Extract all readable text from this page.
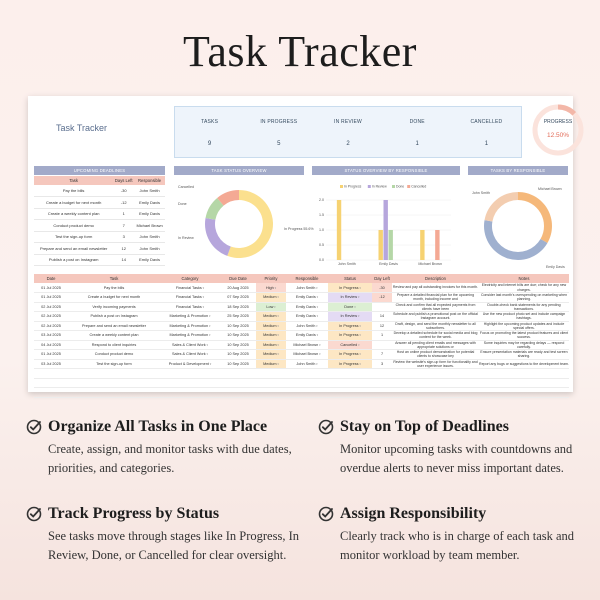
Task Tracker
Task Tracker
TASKS
9
IN PROGRESS
5
IN REVIEW
2
DONE
1
CANCELLED
1
PROGRESS
12.50%
UPCOMING DEADLINES	TASK STATUS OVERVIEW	STATUS OVERVIEW BY RESPONSIBLE	TASKS BY RESPONSIBLE
Task	Days Left	Responsible
Pay the bills	-30	John Smith
Create a budget for next month	-12	Emily Davis
Create a weekly content plan	1	Emily Davis
Conduct product demo	7	Michael Brown
Test the sign-up form	3	John Smith
Prepare and send an email newsletter	12	John Smith
Publish a post on Instagram	14	Emily Davis
In Progress 55.6%
In Review
Done
Cancelled
2.0
1.5
1.0
0.5
0.0
In Progress	In Review	Done Cancelled
John Smith	Emily Davis	Michael Brown
John Smith
Emily Davis
Michael Brown
Date	Task	Category	Due Date	Priority	Responsible	Status	Day Left	Description	Notes
01 Jul 2025	Pay the bills	Financial Tasks ▾	20 Aug 2025	High ▾	John Smith ▾	In Progress ▾	-30	Review and pay all outstanding invoices for this month.	Electricity and internet bills are due; check for any new charges.
01 Jul 2025	Create a budget for next month	Financial Tasks ▾	07 Sep 2025	Medium ▾	Emily Davis ▾	In Review ▾	-12	Prepare a detailed financial plan for the upcoming month, including income and	Consider last month's overspending on marketing when planning.
02 Jul 2025	Verify incoming payments	Financial Tasks ▾	18 Sep 2025	Low ▾	Emily Davis ▾	Done ▾		Check and confirm that all expected payments from clients have been	Double-check bank statements for any pending transactions.
02 Jul 2025	Publish a post on Instagram	Marketing & Promotion ▾	25 Sep 2025	Medium ▾	Emily Davis ▾	In Review ▾	14	Schedule and publish a promotional post on the official Instagram account.	Use the new product photo set and include campaign hashtags.
02 Jul 2025	Prepare and send an email newsletter	Marketing & Promotion ▾	10 Sep 2025	Medium ▾	John Smith ▾	In Progress ▾	12	Draft, design, and send the monthly newsletter to all subscribers.	Highlight the upcoming product updates and include special offers.
03 Jul 2025	Create a weekly content plan	Marketing & Promotion ▾	10 Sep 2025	Medium ▾	Emily Davis ▾	In Progress ▾	1	Develop a detailed schedule for social media and blog content for the week.	Focus on promoting the latest product features and client success.
04 Jul 2025	Respond to client inquiries	Sales & Client Work ▾	10 Sep 2025	Medium ▾	Michael Brown ▾	Cancelled ▾		Answer all pending client emails and messages with appropriate solutions or	Some inquiries may be regarding delays — respond carefully.
01 Jul 2025	Conduct product demo	Sales & Client Work ▾	10 Sep 2025	Medium ▾	Michael Brown ▾	In Progress ▾	7	Host an online product demonstration for potential clients to showcase key	Ensure presentation materials are ready and test screen sharing.
03 Jul 2025	Test the sign-up form	Product & Development ▾	10 Sep 2025	Medium ▾	John Smith ▾	In Progress ▾	3	Review the website's sign-up form for functionality and user experience issues.	Report any bugs or suggestions to the development team.

Organize All Tasks in One Place
Create, assign, and monitor tasks with due dates, priorities, and categories.
Stay on Top of Deadlines
Monitor upcoming tasks with countdowns and overdue alerts to never miss important dates.
Track Progress by Status
See tasks move through stages like In Progress, In Review, Done, or Cancelled for clear oversight.
Assign Responsibility
Clearly track who is in charge of each task and monitor workload by team member.
